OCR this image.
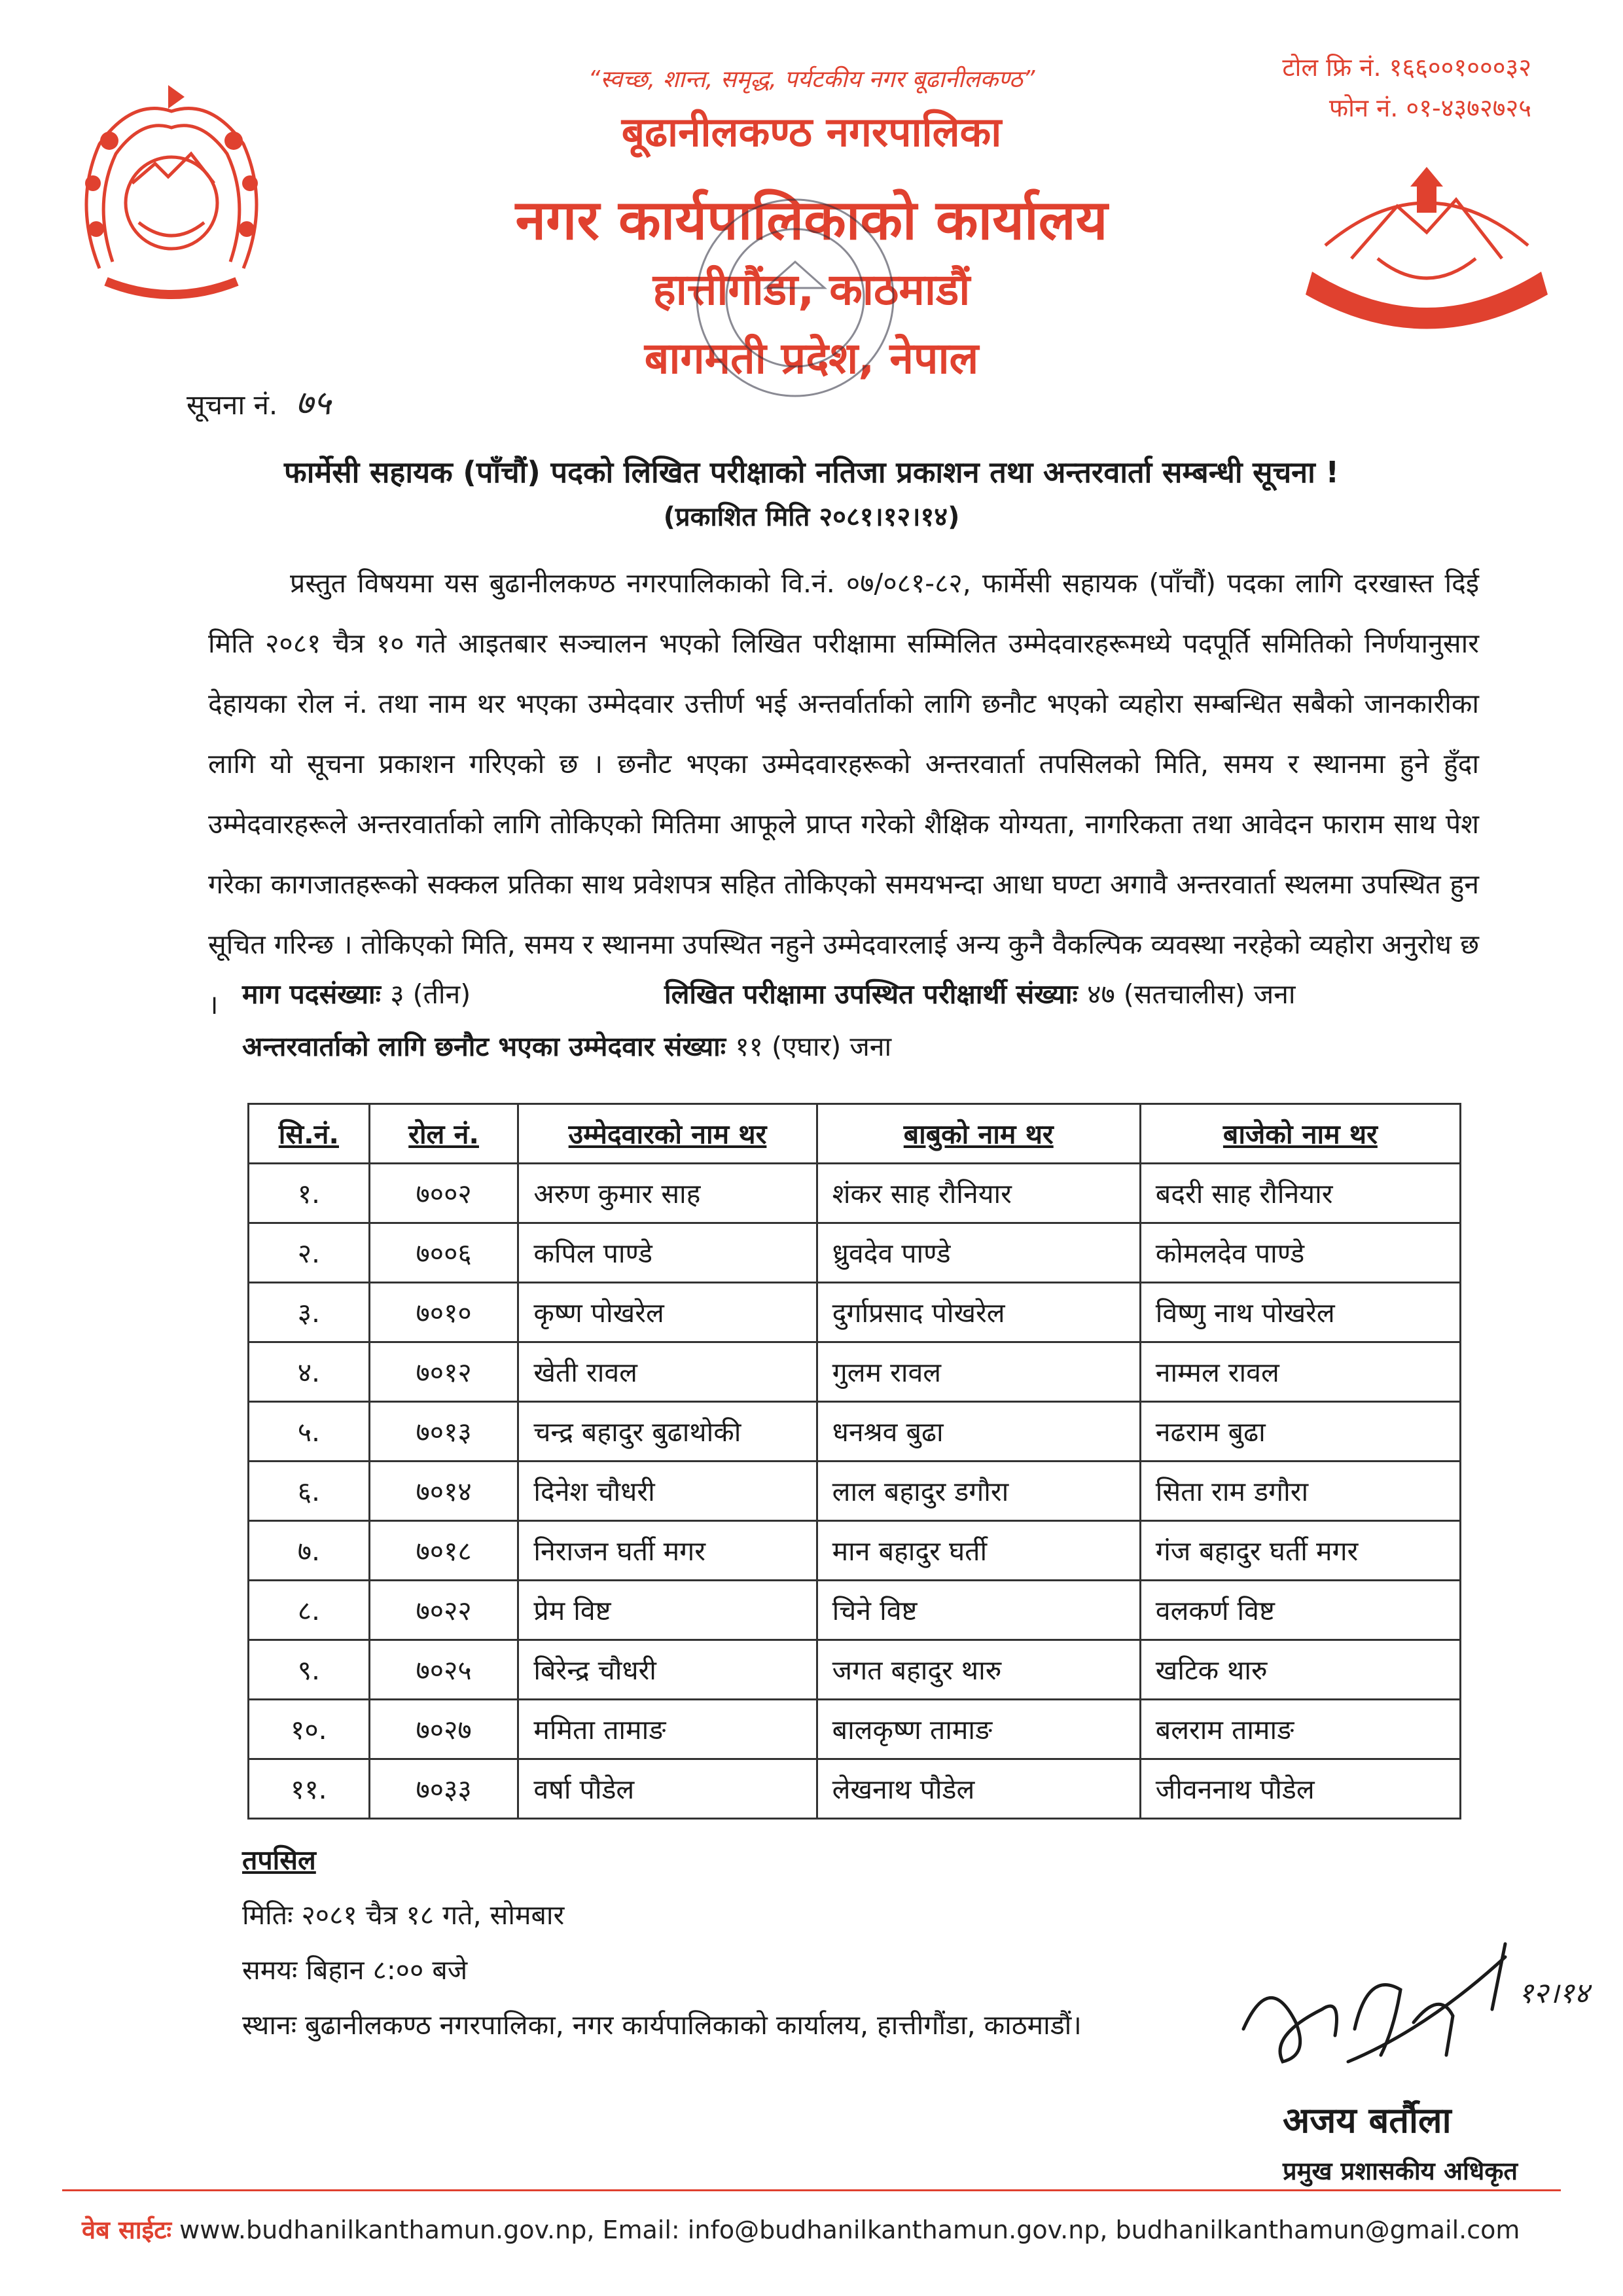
“स्वच्छ, शान्त, समृद्ध, पर्यटकीय नगर बूढानीलकण्ठ”	टोल फ्रि नं. १६६००१०००३२
फोन नं. ०१-४३७२७२५
बूढानीलकण्ठ नगरपालिका
नगर कार्यपालिकाको कार्यालय
हात्तीगौंडा, काठमाडौं
बागमती प्रदेश, नेपाल
सूचना नं. ७५
फार्मेसी सहायक (पाँचौं) पदको लिखित परीक्षाको नतिजा प्रकाशन तथा अन्तरवार्ता सम्बन्धी सूचना !
(प्रकाशित मिति २०८१।१२।१४)
प्रस्तुत विषयमा यस बुढानीलकण्ठ नगरपालिकाको वि.नं. ०७/०८१-८२, फार्मेसी सहायक (पाँचौं) पदका लागि दरखास्त दिई मिति २०८१ चैत्र १० गते आइतबार सञ्चालन भएको लिखित परीक्षामा सम्मिलित उम्मेदवारहरूमध्ये पदपूर्ति समितिको निर्णयानुसार देहायका रोल नं. तथा नाम थर भएका उम्मेदवार उत्तीर्ण भई अन्तर्वार्ताको लागि छनौट भएको व्यहोरा सम्बन्धित सबैको जानकारीका लागि यो सूचना प्रकाशन गरिएको छ । छनौट भएका उम्मेदवारहरूको अन्तरवार्ता तपसिलको मिति, समय र स्थानमा हुने हुँदा उम्मेदवारहरूले अन्तरवार्ताको लागि तोकिएको मितिमा आफूले प्राप्त गरेको शैक्षिक योग्यता, नागरिकता तथा आवेदन फाराम साथ पेश गरेका कागजातहरूको सक्कल प्रतिका साथ प्रवेशपत्र सहित तोकिएको समयभन्दा आधा घण्टा अगावै अन्तरवार्ता स्थलमा उपस्थित हुन सूचित गरिन्छ । तोकिएको मिति, समय र स्थानमा उपस्थित नहुने उम्मेदवारलाई अन्य कुनै वैकल्पिक व्यवस्था नरहेको व्यहोरा अनुरोध छ । माग पदसंख्याः ३ (तीन)	लिखित परीक्षामा उपस्थित परीक्षार्थी संख्याः ४७ (सतचालीस) जना
अन्तरवार्ताको लागि छनौट भएका उम्मेदवार संख्याः ११ (एघार) जना
सि.नं.	रोल नं.	उम्मेदवारको नाम थर	बाबुको नाम थर	बाजेको नाम थर
१.	७००२	अरुण कुमार साह	शंकर साह रौनियार	बदरी साह रौनियार
२.	७००६	कपिल पाण्डे	ध्रुवदेव पाण्डे	कोमलदेव पाण्डे
३.	७०१०	कृष्ण पोखरेल	दुर्गाप्रसाद पोखरेल	विष्णु नाथ पोखरेल
४.	७०१२	खेती रावल	गुलम रावल	नाम्मल रावल
५.	७०१३	चन्द्र बहादुर बुढाथोकी	धनश्रव बुढा	नढराम बुढा
६.	७०१४	दिनेश चौधरी	लाल बहादुर डगौरा	सिता राम डगौरा
७.	७०१८	निराजन घर्ती मगर	मान बहादुर घर्ती	गंज बहादुर घर्ती मगर
८.	७०२२	प्रेम विष्ट	चिने विष्ट	वलकर्ण विष्ट
९.	७०२५	बिरेन्द्र चौधरी	जगत बहादुर थारु	खटिक थारु
१०.	७०२७	ममिता तामाङ	बालकृष्ण तामाङ	बलराम तामाङ
११.	७०३३	वर्षा पौडेल	लेखनाथ पौडेल	जीवननाथ पौडेल
तपसिल
मितिः २०८१ चैत्र १८ गते, सोमबार
समयः बिहान ८:०० बजे
स्थानः बुढानीलकण्ठ नगरपालिका, नगर कार्यपालिकाको कार्यालय, हात्तीगौंडा, काठमाडौं।
१२।१४
अजय बर्तौला
प्रमुख प्रशासकीय अधिकृत
वेब साईटः www.budhanilkanthamun.gov.np, Email: info@budhanilkanthamun.gov.np, budhanilkanthamun@gmail.com
